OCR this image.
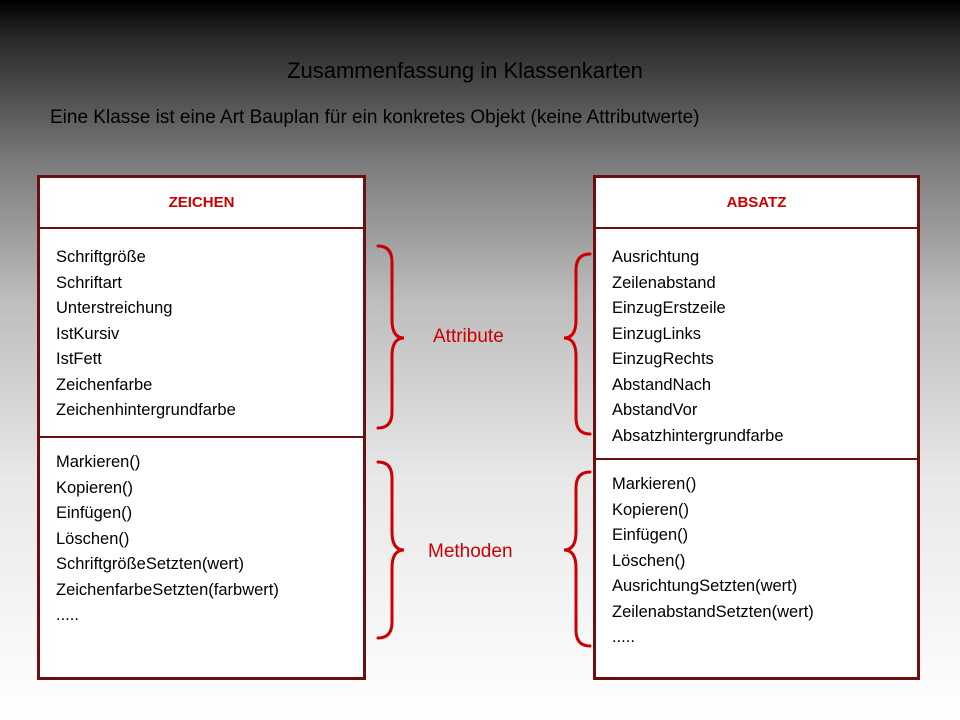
Zusammenfassung in Klassenkarten
Eine Klasse ist eine Art Bauplan für ein konkretes Objekt (keine Attributwerte)
ZEICHEN
Schriftgröße
Schriftart
Unterstreichung
IstKursiv
IstFett
Zeichenfarbe
Zeichenhintergrundfarbe
Markieren()
Kopieren()
Einfügen()
Löschen()
SchriftgrößeSetzten(wert)
ZeichenfarbeSetzten(farbwert)
.....
ABSATZ
Ausrichtung
Zeilenabstand
EinzugErstzeile
EinzugLinks
EinzugRechts
AbstandNach
AbstandVor
Absatzhintergrundfarbe
Markieren()
Kopieren()
Einfügen()
Löschen()
AusrichtungSetzten(wert)
ZeilenabstandSetzten(wert)
.....
Attribute
Methoden
